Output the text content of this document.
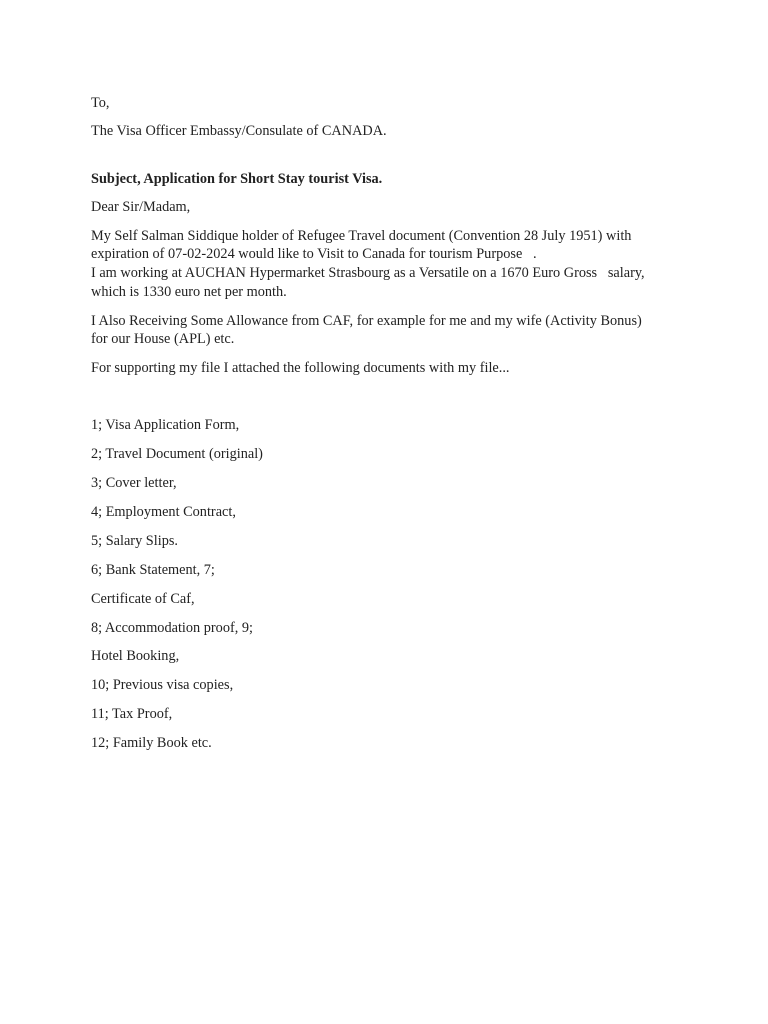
To,
The Visa Officer Embassy/Consulate of CANADA.
Subject, Application for Short Stay tourist Visa.
Dear Sir/Madam,
My Self Salman Siddique holder of Refugee Travel document (Convention 28 July 1951) with
expiration of 07-02-2024 would like to Visit to Canada for tourism Purpose   .
I am working at AUCHAN Hypermarket Strasbourg as a Versatile on a 1670 Euro Gross   salary,
which is 1330 euro net per month.
I Also Receiving Some Allowance from CAF, for example for me and my wife (Activity Bonus)
for our House (APL) etc.
For supporting my file I attached the following documents with my file...
1; Visa Application Form,
2; Travel Document (original)
3; Cover letter,
4; Employment Contract,
5; Salary Slips.
6; Bank Statement, 7;
Certificate of Caf,
8; Accommodation proof, 9;
Hotel Booking,
10; Previous visa copies,
11; Tax Proof,
12; Family Book etc.
